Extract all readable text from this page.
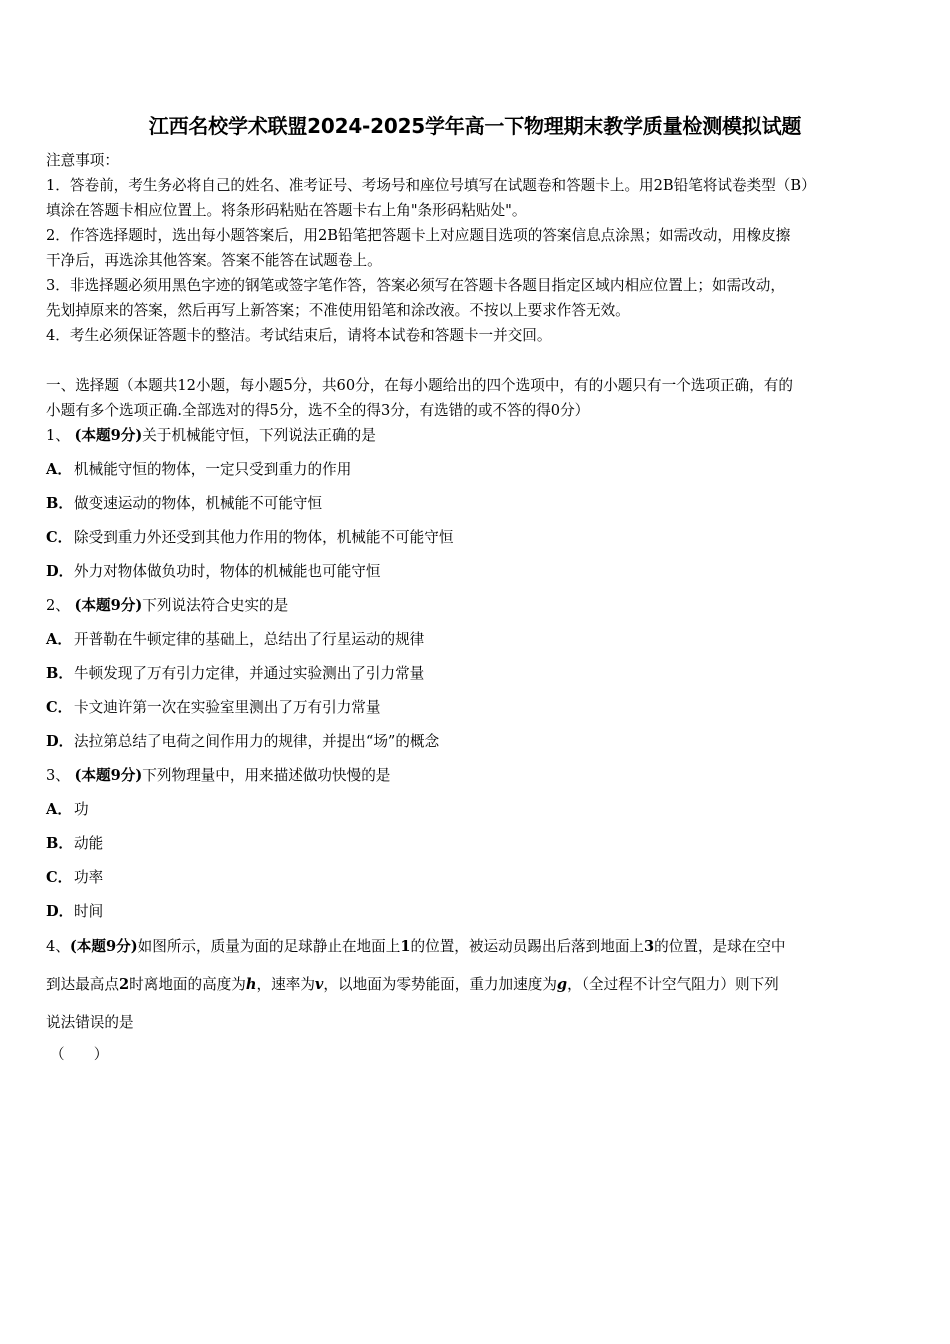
江西名校学术联盟2024-2025学年高一下物理期末教学质量检测模拟试题
注意事项：
1．答卷前，考生务必将自己的姓名、准考证号、考场号和座位号填写在试题卷和答题卡上。用2B铅笔将试卷类型（B）
填涂在答题卡相应位置上。将条形码粘贴在答题卡右上角"条形码粘贴处"。
2．作答选择题时，选出每小题答案后，用2B铅笔把答题卡上对应题目选项的答案信息点涂黑；如需改动，用橡皮擦
干净后，再选涂其他答案。答案不能答在试题卷上。
3．非选择题必须用黑色字迹的钢笔或签字笔作答，答案必须写在答题卡各题目指定区域内相应位置上；如需改动，
先划掉原来的答案，然后再写上新答案；不准使用铅笔和涂改液。不按以上要求作答无效。
4．考生必须保证答题卡的整洁。考试结束后，请将本试卷和答题卡一并交回。
一、选择题（本题共12小题，每小题5分，共60分，在每小题给出的四个选项中，有的小题只有一个选项正确，有的
小题有多个选项正确.全部选对的得5分，选不全的得3分，有选错的或不答的得0分）
1、 (本题9分)关于机械能守恒，下列说法正确的是
A． 机械能守恒的物体，一定只受到重力的作用
B．做变速运动的物体，机械能不可能守恒
C． 除受到重力外还受到其他力作用的物体，机械能不可能守恒
D．外力对物体做负功时，物体的机械能也可能守恒
2、 (本题9分)下列说法符合史实的是
A． 开普勒在牛顿定律的基础上，总结出了行星运动的规律
B．牛顿发现了万有引力定律，并通过实验测出了引力常量
C． 卡文迪许第一次在实验室里测出了万有引力常量
D．法拉第总结了电荷之间作用力的规律，并提出“场”的概念
3、 (本题9分)下列物理量中，用来描述做功快慢的是
A． 功
B．动能
C． 功率
D．时间
4、(本题9分)如图所示，质量为面的足球静止在地面上1的位置，被运动员踢出后落到地面上3的位置，是球在空中
到达最高点2时离地面的高度为h，速率为v，以地面为零势能面，重力加速度为g，（全过程不计空气阻力）则下列
说法错误的是
（　　）
